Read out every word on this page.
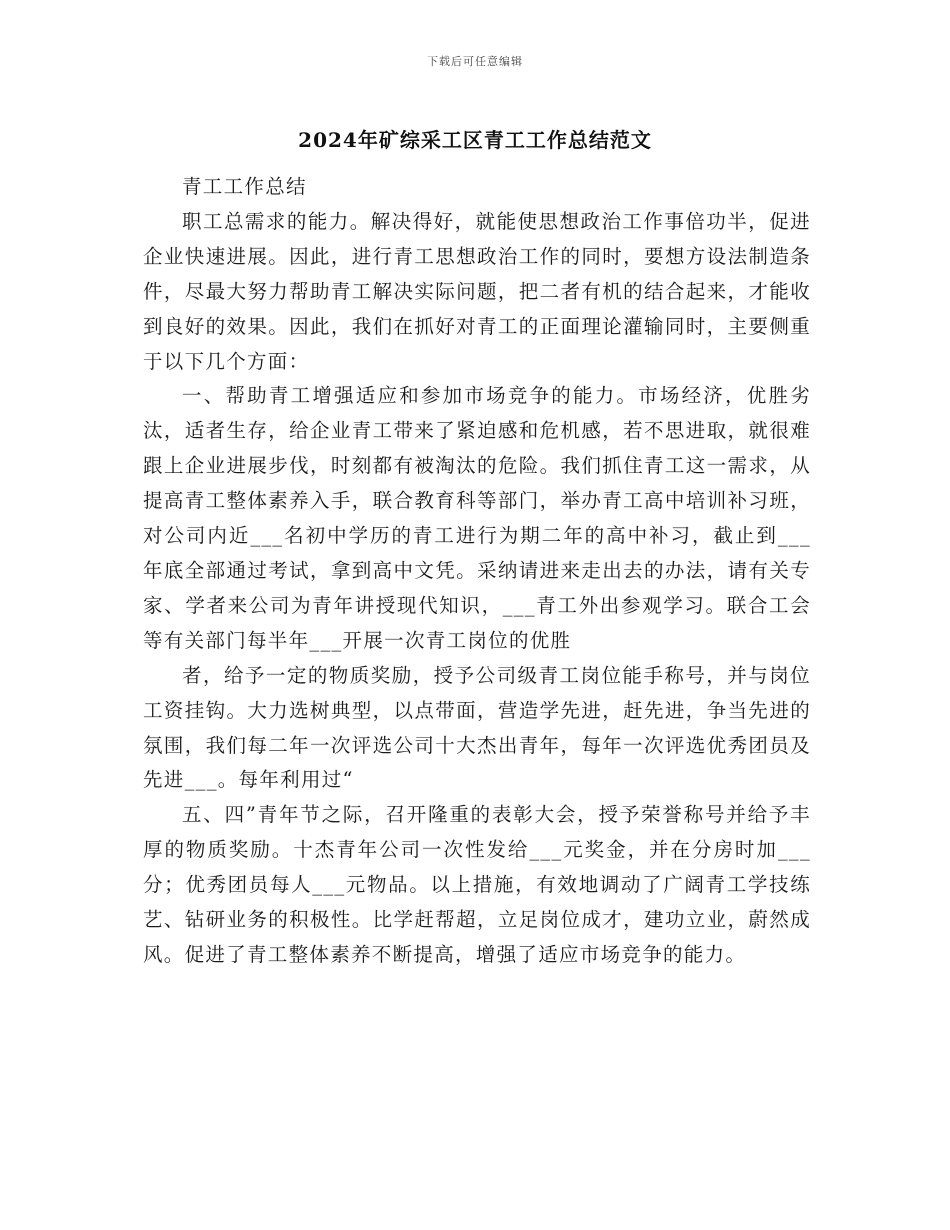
下载后可任意编辑
2024年矿综采工区青工工作总结范文

青工工作总结

职工总需求的能力。解决得好，就能使思想政治工作事倍功半，促进企业快速进展。因此，进行青工思想政治工作的同时，要想方设法制造条件，尽最大努力帮助青工解决实际问题，把二者有机的结合起来，才能收到良好的效果。因此，我们在抓好对青工的正面理论灌输同时，主要侧重于以下几个方面：

一、帮助青工增强适应和参加市场竞争的能力。市场经济，优胜劣汰，适者生存，给企业青工带来了紧迫感和危机感，若不思进取，就很难跟上企业进展步伐，时刻都有被淘汰的危险。我们抓住青工这一需求，从提高青工整体素养入手，联合教育科等部门，举办青工高中培训补习班，对公司内近___名初中学历的青工进行为期二年的高中补习，截止到___年底全部通过考试，拿到高中文凭。采纳请进来走出去的办法，请有关专家、学者来公司为青年讲授现代知识，___青工外出参观学习。联合工会等有关部门每半年___开展一次青工岗位的优胜

者，给予一定的物质奖励，授予公司级青工岗位能手称号，并与岗位工资挂钩。大力选树典型，以点带面，营造学先进，赶先进，争当先进的氛围，我们每二年一次评选公司十大杰出青年，每年一次评选优秀团员及先进___。每年利用过“

五、四”青年节之际，召开隆重的表彰大会，授予荣誉称号并给予丰厚的物质奖励。十杰青年公司一次性发给___元奖金，并在分房时加___分；优秀团员每人___元物品。以上措施，有效地调动了广阔青工学技练艺、钻研业务的积极性。比学赶帮超，立足岗位成才，建功立业，蔚然成风。促进了青工整体素养不断提高，增强了适应市场竞争的能力。
